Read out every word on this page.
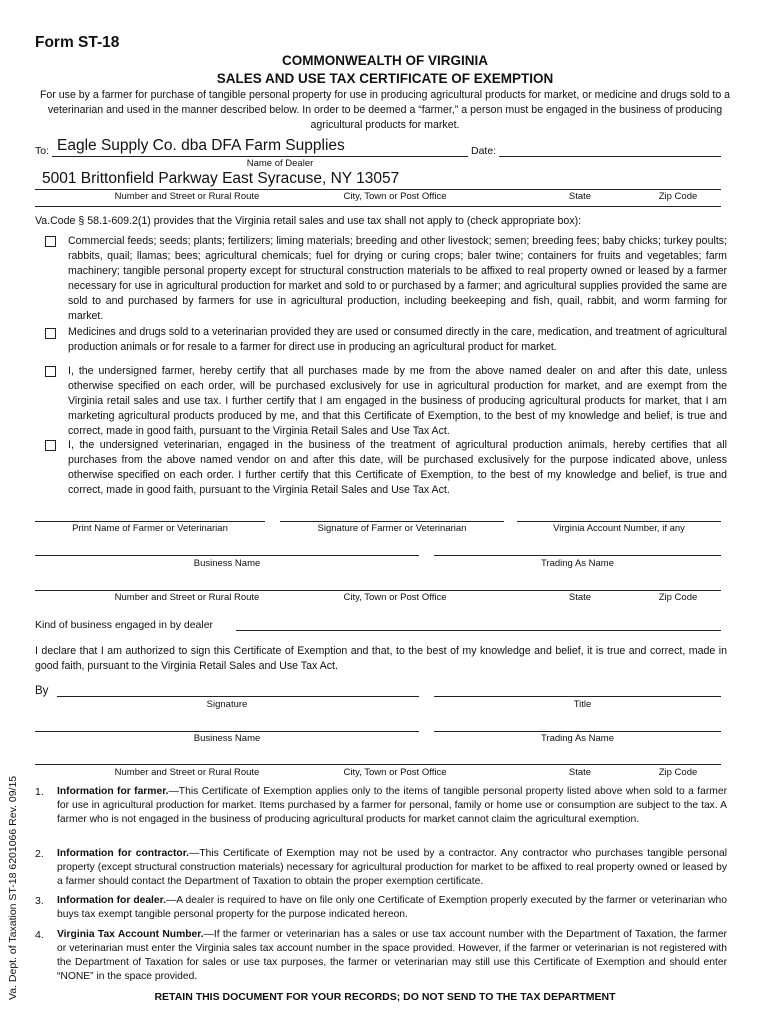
Form ST-18
COMMONWEALTH OF VIRGINIA
SALES AND USE TAX CERTIFICATE OF EXEMPTION
For use by a farmer for purchase of tangible personal property for use in producing agricultural products for market, or medicine and drugs sold to a veterinarian and used in the manner described below. In order to be deemed a “farmer,” a person must be engaged in the business of producing agricultural products for market.
To: Eagle Supply Co. dba DFA Farm Supplies	Date:
Name of Dealer
5001 Brittonfield Parkway East Syracuse, NY 13057
Number and Street or Rural Route	City, Town or Post Office	State	Zip Code
Va.Code § 58.1-609.2(1) provides that the Virginia retail sales and use tax shall not apply to (check appropriate box):
Commercial feeds; seeds; plants; fertilizers; liming materials; breeding and other livestock; semen; breeding fees; baby chicks; turkey poults; rabbits, quail; llamas; bees; agricultural chemicals; fuel for drying or curing crops; baler twine; containers for fruits and vegetables; farm machinery; tangible personal property except for structural construction materials to be affixed to real property owned or leased by a farmer necessary for use in agricultural production for market and sold to or purchased by a farmer; and agricultural supplies provided the same are sold to and purchased by farmers for use in agricultural production, including beekeeping and fish, quail, rabbit, and worm farming for market.
Medicines and drugs sold to a veterinarian provided they are used or consumed directly in the care, medication, and treatment of agricultural production animals or for resale to a farmer for direct use in producing an agricultural product for market.
I, the undersigned farmer, hereby certify that all purchases made by me from the above named dealer on and after this date, unless otherwise specified on each order, will be purchased exclusively for use in agricultural production for market, and are exempt from the Virginia retail sales and use tax. I further certify that I am engaged in the business of producing agricultural products for market, that I am marketing agricultural products produced by me, and that this Certificate of Exemption, to the best of my knowledge and belief, is true and correct, made in good faith, pursuant to the Virginia Retail Sales and Use Tax Act.
I, the undersigned veterinarian, engaged in the business of the treatment of agricultural production animals, hereby certifies that all purchases from the above named vendor on and after this date, will be purchased exclusively for the purpose indicated above, unless otherwise specified on each order. I further certify that this Certificate of Exemption, to the best of my knowledge and belief, is true and correct, made in good faith, pursuant to the Virginia Retail Sales and Use Tax Act.
Print Name of Farmer or Veterinarian	Signature of Farmer or Veterinarian	Virginia Account Number, if any
Business Name	Trading As Name
Number and Street or Rural Route	City, Town or Post Office	State	Zip Code
Kind of business engaged in by dealer
I declare that I am authorized to sign this Certificate of Exemption and that, to the best of my knowledge and belief, it is true and correct, made in good faith, pursuant to the Virginia Retail Sales and Use Tax Act.
By
Signature	Title
Business Name	Trading As Name
Number and Street or Rural Route	City, Town or Post Office	State	Zip Code
1. Information for farmer.—This Certificate of Exemption applies only to the items of tangible personal property listed above when sold to a farmer for use in agricultural production for market. Items purchased by a farmer for personal, family or home use or consumption are subject to the tax. A farmer who is not engaged in the business of producing agricultural products for market cannot claim the agricultural exemption.
2. Information for contractor.—This Certificate of Exemption may not be used by a contractor. Any contractor who purchases tangible personal property (except structural construction materials) necessary for agricultural production for market to be affixed to real property owned or leased by a farmer should contact the Department of Taxation to obtain the proper exemption certificate.
3. Information for dealer.—A dealer is required to have on file only one Certificate of Exemption properly executed by the farmer or veterinarian who buys tax exempt tangible personal property for the purpose indicated hereon.
4. Virginia Tax Account Number.—If the farmer or veterinarian has a sales or use tax account number with the Department of Taxation, the farmer or veterinarian must enter the Virginia sales tax account number in the space provided. However, if the farmer or veterinarian is not registered with the Department of Taxation for sales or use tax purposes, the farmer or veterinarian may still use this Certificate of Exemption and should enter “NONE” in the space provided.
RETAIN THIS DOCUMENT FOR YOUR RECORDS; DO NOT SEND TO THE TAX DEPARTMENT
Va. Dept. of Taxation ST-18 6201066 Rev. 09/15
